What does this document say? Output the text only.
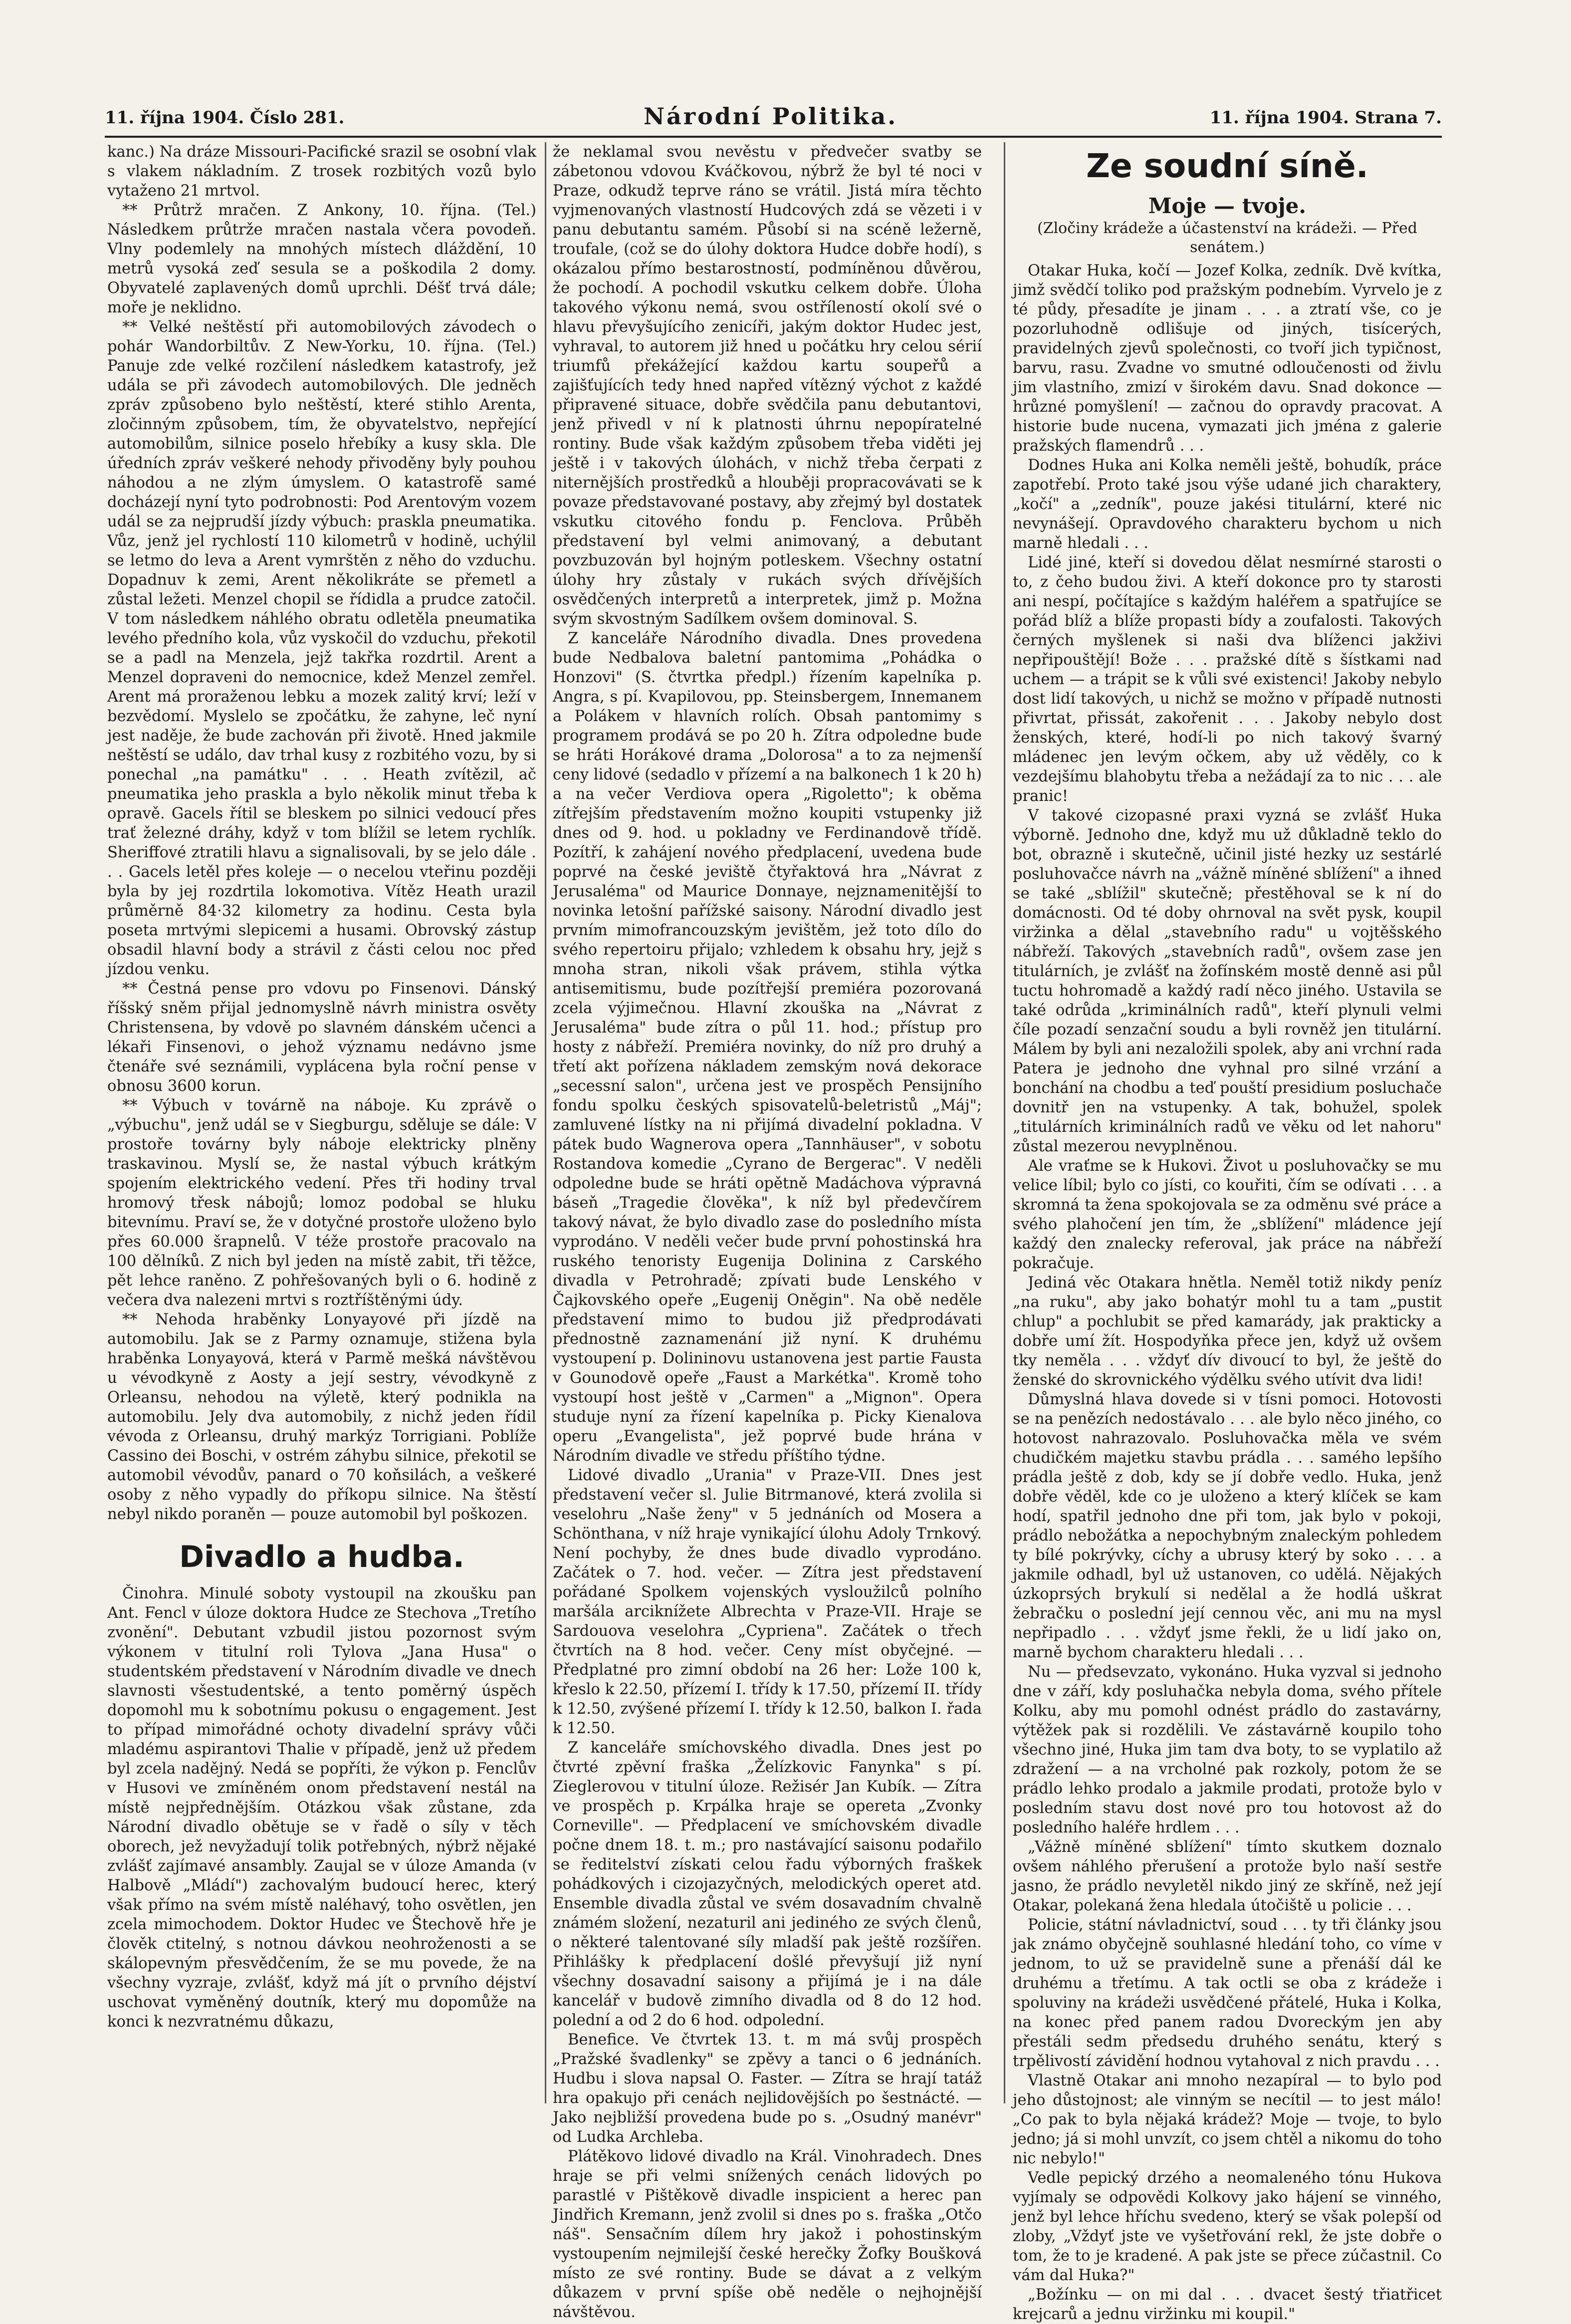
11. října 1904. Číslo 281.	Národní Politika.	11. října 1904. Strana 7.

kanc.) Na dráze Missouri-Pacifické srazil se osobní vlak s vlakem nákladním. Z trosek rozbitých vozů bylo vytaženo 21 mrtvol.

** Průtrž mračen. Z Ankony, 10. října. (Tel.) Následkem průtrže mračen nastala včera povodeň. Vlny podemlely na mnohých místech dláždění, 10 metrů vysoká zeď sesula se a poškodila 2 domy. Obyvatelé zaplavených domů uprchli. Déšť trvá dále; moře je neklidno.

** Velké neštěstí při automobilových závodech o pohár Wandorbiltův. Z New-Yorku, 10. října. (Tel.) Panuje zde velké rozčilení následkem katastrofy, jež udála se při závodech automobilových. Dle jedněch zpráv způsobeno bylo neštěstí, které stihlo Arenta, zločinným způsobem, tím, že obyvatelstvo, nepřející automobilům, silnice poselo hřebíky a kusy skla. Dle úředních zpráv veškeré nehody přivoděny byly pouhou náhodou a ne zlým úmyslem. O katastrofě samé docházejí nyní tyto podrobnosti: Pod Arentovým vozem udál se za nejprudší jízdy výbuch: praskla pneumatika. Vůz, jenž jel rychlostí 110 kilometrů v hodině, uchýlil se letmo do leva a Arent vymrštěn z něho do vzduchu. Dopadnuv k zemi, Arent několikráte se přemetl a zůstal ležeti. Menzel chopil se řídidla a prudce zatočil. V tom následkem náhlého obratu odletěla pneumatika levého předního kola, vůz vyskočil do vzduchu, překotil se a padl na Menzela, jejž takřka rozdrtil. Arent a Menzel dopraveni do nemocnice, kdež Menzel zemřel. Arent má proraženou lebku a mozek zalitý krví; leží v bezvědomí. Myslelo se zpočátku, že zahyne, leč nyní jest naděje, že bude zachován při životě. Hned jakmile neštěstí se událo, dav trhal kusy z rozbitého vozu, by si ponechal „na památku" . . . Heath zvítězil, ač pneumatika jeho praskla a bylo několik minut třeba k opravě. Gacels řítil se bleskem po silnici vedoucí přes trať železné dráhy, když v tom blížil se letem rychlík. Sheriffové ztratili hlavu a signalisovali, by se jelo dále . . . Gacels letěl přes koleje — o necelou vteřinu později byla by jej rozdrtila lokomotiva. Vítěz Heath urazil průměrně 84·32 kilometry za hodinu. Cesta byla poseta mrtvými slepicemi a husami. Obrovský zástup obsadil hlavní body a strávil z části celou noc před jízdou venku.

** Čestná pense pro vdovu po Finsenovi. Dánský říšský sněm přijal jednomyslně návrh ministra osvěty Christensena, by vdově po slavném dánském učenci a lékaři Finsenovi, o jehož významu nedávno jsme čtenáře své seznámili, vyplácena byla roční pense v obnosu 3600 korun.

** Výbuch v továrně na náboje. Ku zprávě o „výbuchu", jenž udál se v Siegburgu, sděluje se dále: V prostoře továrny byly náboje elektricky plněny traskavinou. Myslí se, že nastal výbuch krátkým spojením elektrického vedení. Přes tři hodiny trval hromový třesk nábojů; lomoz podobal se hluku bitevnímu. Praví se, že v dotyčné prostoře uloženo bylo přes 60.000 šrapnelů. V téže prostoře pracovalo na 100 dělníků. Z nich byl jeden na místě zabit, tři těžce, pět lehce raněno. Z pohřešovaných byli o 6. hodině z večera dva nalezeni mrtvi s roztříštěnými údy.

** Nehoda hraběnky Lonyayové při jízdě na automobilu. Jak se z Parmy oznamuje, stižena byla hraběnka Lonyayová, která v Parmě mešká návštěvou u vévodkyně z Aosty a její sestry, vévodkyně z Orleansu, nehodou na výletě, který podnikla na automobilu. Jely dva automobily, z nichž jeden řídil vévoda z Orleansu, druhý markýz Torrigiani. Poblíže Cassino dei Boschi, v ostrém záhybu silnice, překotil se automobil vévodův, panard o 70 koňsilách, a veškeré osoby z něho vypadly do příkopu silnice. Na štěstí nebyl nikdo poraněn — pouze automobil byl poškozen.

Divadlo a hudba.

Činohra. Minulé soboty vystoupil na zkoušku pan Ant. Fencl v úloze doktora Hudce ze Stechova „Tretího zvonění". Debutant vzbudil jistou pozornost svým výkonem v titulní roli Tylova „Jana Husa" o studentském představení v Národním divadle ve dnech slavnosti všestudentské, a tento poměrný úspěch dopomohl mu k sobotnímu pokusu o engagement. Jest to případ mimořádné ochoty divadelní správy vůči mladému aspirantovi Thalie v případě, jenž už předem byl zcela nadějný. Nedá se popříti, že výkon p. Fenclův v Husovi ve zmíněném onom představení nestál na místě nejpřednějším. Otázkou však zůstane, zda Národní divadlo obětuje se v řadě o síly v těch oborech, jež nevyžadují tolik potřebných, nýbrž nějaké zvlášť zajímavé ansambly. Zaujal se v úloze Amanda (v Halbově „Mládí") zachovalým budoucí herec, který však přímo na svém místě naléhavý, toho osvětlen, jen zcela mimochodem. Doktor Hudec ve Štechově hře je člověk ctitelný, s notnou dávkou neohroženosti a se skálopevným přesvědčením, že se mu povede, že na všechny vyzraje, zvlášť, když má jít o prvního déjství uschovat vyměněný doutník, který mu dopomůže na konci k nezvratnému důkazu,

že neklamal svou nevěstu v předvečer svatby se zábetonou vdovou Kváčkovou, nýbrž že byl té noci v Praze, odkudž teprve ráno se vrátil. Jistá míra těchto vyjmenovaných vlastností Hudcových zdá se vězeti i v panu debutantu samém. Působí si na scéně ležerně, troufale, (což se do úlohy doktora Hudce dobře hodí), s okázalou přímo bestarostností, podmíněnou důvěrou, že pochodí. A pochodil vskutku celkem dobře. Úloha takového výkonu nemá, svou ostříleností okolí své o hlavu převyšujícího zenicíři, jakým doktor Hudec jest, vyhraval, to autorem již hned u počátku hry celou sérií triumfů překážející každou kartu soupeřů a zajišťujících tedy hned napřed vítězný výchot z každé připravené situace, dobře svědčila panu debutantovi, jenž přivedl v ní k platnosti úhrnu nepopíratelné rontiny. Bude však každým způsobem třeba viděti jej ještě i v takových úlohách, v nichž třeba čerpati z niternějších prostředků a hlouběji propracovávati se k povaze představované postavy, aby zřejmý byl dostatek vskutku citového fondu p. Fenclova. Průběh představení byl velmi animovaný, a debutant povzbuzován byl hojným potleskem. Všechny ostatní úlohy hry zůstaly v rukách svých dřívějších osvědčených interpretů a interpretek, jimž p. Možna svým skvostným Sadílkem ovšem dominoval. S.

Z kanceláře Národního divadla. Dnes provedena bude Nedbalova baletní pantomima „Pohádka o Honzovi" (S. čtvrtka předpl.) řízením kapelníka p. Angra, s pí. Kvapilovou, pp. Steinsbergem, Innemanem a Polákem v hlavních rolích. Obsah pantomimy s programem prodává se po 20 h. Zítra odpoledne bude se hráti Horákové drama „Dolorosa" a to za nejmenší ceny lidové (sedadlo v přízemí a na balkonech 1 k 20 h) a na večer Verdiova opera „Rigoletto"; k oběma zítřejším představením možno koupiti vstupenky již dnes od 9. hod. u pokladny ve Ferdinandově třídě. Pozítří, k zahájení nového předplacení, uvedena bude poprvé na české jeviště čtyřaktová hra „Návrat z Jerusaléma" od Maurice Donnaye, nejznamenitější to novinka letošní pařížské saisony. Národní divadlo jest prvním mimofrancouzským jevištěm, jež toto dílo do svého repertoiru přijalo; vzhledem k obsahu hry, jejž s mnoha stran, nikoli však právem, stihla výtka antisemitismu, bude pozítřejší premiéra pozorovaná zcela výjimečnou. Hlavní zkouška na „Návrat z Jerusaléma" bude zítra o půl 11. hod.; přístup pro hosty z nábřeží. Premiéra novinky, do níž pro druhý a třetí akt pořízena nákladem zemským nová dekorace „secessní salon", určena jest ve prospěch Pensijního fondu spolku českých spisovatelů-beletristů „Máj"; zamluvené lístky na ni přijímá divadelní pokladna. V pátek budo Wagnerova opera „Tannhäuser", v sobotu Rostandova komedie „Cyrano de Bergerac". V neděli odpoledne bude se hráti opětně Madáchova výpravná báseň „Tragedie člověka", k níž byl předevčírem takový návat, že bylo divadlo zase do posledního místa vyprodáno. V neděli večer bude první pohostinská hra ruského tenoristy Eugenija Dolinina z Carského divadla v Petrohradě; zpívati bude Lenského v Čajkovského opeře „Eugenij Oněgin". Na obě neděle představení mimo to budou již předprodávati přednostně zaznamenání již nyní. K druhému vystoupení p. Dolininovu ustanovena jest partie Fausta v Gounodově opeře „Faust a Markétka". Kromě toho vystoupí host ještě v „Carmen" a „Mignon". Opera studuje nyní za řízení kapelníka p. Picky Kienalova operu „Evangelista", jež poprvé bude hrána v Národním divadle ve středu příštího týdne.

Lidové divadlo „Urania" v Praze-VII. Dnes jest představení večer sl. Julie Bitrmanové, která zvolila si veselohru „Naše ženy" v 5 jednáních od Mosera a Schönthana, v níž hraje vynikající úlohu Adoly Trnkový. Není pochyby, že dnes bude divadlo vyprodáno. Začátek o 7. hod. večer. — Zítra jest představení pořádané Spolkem vojenských vysloužilců polního maršála arciknížete Albrechta v Praze-VII. Hraje se Sardouova veselohra „Cypriena". Začátek o třech čtvrtích na 8 hod. večer. Ceny míst obyčejné. — Předplatné pro zimní období na 26 her: Lože 100 k, křeslo k 22.50, přízemí I. třídy k 17.50, přízemí II. třídy k 12.50, zvýšené přízemí I. třídy k 12.50, balkon I. řada k 12.50.

Z kanceláře smíchovského divadla. Dnes jest po čtvrté zpěvní fraška „Želízkovic Fanynka" s pí. Zieglerovou v titulní úloze. Režisér Jan Kubík. — Zítra ve prospěch p. Krpálka hraje se opereta „Zvonky Corneville". — Předplacení ve smíchovském divadle počne dnem 18. t. m.; pro nastávající saisonu podařilo se ředitelství získati celou řadu výborných fraškek pohádkových i cizojazyčných, melodických operet atd. Ensemble divadla zůstal ve svém dosavadním chvalně známém složení, nezaturil ani jediného ze svých členů, o některé talentované síly mladší pak ještě rozšířen. Přihlášky k předplacení došlé převyšují již nyní všechny dosavadní saisony a přijímá je i na dále kancelář v budově zimního divadla od 8 do 12 hod. polední a od 2 do 6 hod. odpolední.

Benefice. Ve čtvrtek 13. t. m má svůj prospěch „Pražské švadlenky" se zpěvy a tanci o 6 jednáních. Hudbu i slova napsal O. Faster. — Zítra se hrají tatáž hra opakujo při cenách nejlidovějších po šestnácté. — Jako nejbližší provedena bude po s. „Osudný manévr" od Ludka Archleba.

Plátěkovo lidové divadlo na Král. Vinohradech. Dnes hraje se při velmi snížených cenách lidových po parastlé v Pištěkově divadle inspicient a herec pan Jindřich Kremann, jenž zvolil si dnes po s. fraška „Otčo náš". Sensačním dílem hry jakož i pohostinským vystoupením nejmilejší české herečky Žofky Boušková místo ze své rontiny. Bude se dávat a z velkým důkazem v první spíše obě neděle o nejhojnější návštěvou.

Ze soudní síně.
Moje — tvoje.
(Zločiny krádeže a účastenství na krádeži. — Před senátem.)

Otakar Huka, kočí — Jozef Kolka, zedník. Dvě kvítka, jimž svědčí toliko pod pražským podnebím. Vyrvelo je z té půdy, přesadíte je jinam . . . a ztratí vše, co je pozorluhodně odlišuje od jiných, tisícerých, pravidelných zjevů společnosti, co tvoří jich typičnost, barvu, rasu. Zvadne vo smutné odloučenosti od živlu jim vlastního, zmizí v širokém davu. Snad dokonce — hrůzné pomyšlení! — začnou do opravdy pracovat. A historie bude nucena, vymazati jich jména z galerie pražských flamendrů . . .

Dodnes Huka ani Kolka neměli ještě, bohudík, práce zapotřebí. Proto také jsou výše udané jich charaktery, „kočí" a „zedník", pouze jakési titulární, které nic nevynášejí. Opravdového charakteru bychom u nich marně hledali . . .

Lidé jiné, kteří si dovedou dělat nesmírné starosti o to, z čeho budou živi. A kteří dokonce pro ty starosti ani nespí, počítajíce s každým haléřem a spatřujíce se pořád blíž a blíže propasti bídy a zoufalosti. Takových černých myšlenek si naši dva blíženci jakživi nepřipouštějí! Bože . . . pražské dítě s šístkami nad uchem — a trápit se k vůli své existenci! Jakoby nebylo dost lidí takových, u nichž se možno v případě nutnosti přivrtat, přissát, zakořenit . . . Jakoby nebylo dost ženských, které, hodí-li po nich takový švarný mládenec jen levým očkem, aby už věděly, co k vezdejšímu blahobytu třeba a nežádají za to nic . . . ale pranic!

V takové cizopasné praxi vyzná se zvlášť Huka výborně. Jednoho dne, když mu už důkladně teklo do bot, obrazně i skutečně, učinil jisté hezky uz sestárlé posluhovačce návrh na „vážně míněné sblížení" a ihned se také „sblížil" skutečně; přestěhoval se k ní do domácnosti. Od té doby ohrnoval na svět pysk, koupil viržinka a dělal „stavebního radu" u vojtěšského nábřeží. Takových „stavebních radů", ovšem zase jen titulárních, je zvlášť na žofínském mostě denně asi půl tuctu hohromadě a každý radí něco jiného. Ustavila se také odrůda „kriminálních radů", kteří plynuli velmi číle pozadí senzační soudu a byli rovněž jen titulární. Málem by byli ani nezaložili spolek, aby ani vrchní rada Patera je jednoho dne vyhnal pro silné vrzání a bonchání na chodbu a teď pouští presidium posluchače dovnitř jen na vstupenky. A tak, bohužel, spolek „titulárních kriminálních radů ve věku od let nahoru" zůstal mezerou nevyplněnou.

Ale vraťme se k Hukovi. Život u posluhovačky se mu velice líbil; bylo co jísti, co kouřiti, čím se odívati . . . a skromná ta žena spokojovala se za odměnu své práce a svého plahočení jen tím, že „sblížení" mládence její každý den znalecky referoval, jak práce na nábřeží pokračuje.

Jediná věc Otakara hnětla. Neměl totiž nikdy peníz „na ruku", aby jako bohatýr mohl tu a tam „pustit chlup" a pochlubit se před kamarády, jak prakticky a dobře umí žít. Hospodyňka přece jen, když už ovšem tky neměla . . . vždyť dív divoucí to byl, že ještě do ženské do skrovnického výdělku svého utívit dva lidi!

Důmyslná hlava dovede si v tísni pomoci. Hotovosti se na penězích nedostávalo . . . ale bylo něco jiného, co hotovost nahrazovalo. Posluhovačka měla ve svém chudičkém majetku stavbu prádla . . . samého lepšího prádla ještě z dob, kdy se jí dobře vedlo. Huka, jenž dobře věděl, kde co je uloženo a který klíček se kam hodí, spatřil jednoho dne při tom, jak bylo v pokoji, prádlo nebožátka a nepochybným znaleckým pohledem ty bílé pokrývky, cíchy a ubrusy který by soko . . . a jakmile odhadl, byl už ustanoven, co udělá. Nějakých úzkoprsých brykulí si nedělal a že hodlá uškrat žebračku o poslední její cennou věc, ani mu na mysl nepřipadlo . . . vždyť jsme řekli, že u lidí jako on, marně bychom charakteru hledali . . .

Nu — předsevzato, vykonáno. Huka vyzval si jednoho dne v září, kdy posluhačka nebyla doma, svého přítele Kolku, aby mu pomohl odnést prádlo do zastavárny, výtěžek pak si rozdělili. Ve zástavárně koupilo toho všechno jiné, Huka jim tam dva boty, to se vyplatilo až zdražení — a na vrcholné pak rozkoly, potom že se prádlo lehko prodalo a jakmile prodati, protože bylo v posledním stavu dost nové pro tou hotovost až do posledního haléře hrdlem . . .

„Vážně míněné sblížení" tímto skutkem doznalo ovšem náhlého přerušení a protože bylo naší sestře jasno, že prádlo nevyletěl nikdo jiný ze skříně, než její Otakar, polekaná žena hledala útočiště u policie . . .

Policie, státní návladnictví, soud . . . ty tři články jsou jak známo obyčejně souhlasné hledání toho, co víme v jednom, to už se pravidelně sune a přenáší dál ke druhému a třetímu. A tak octli se oba z krádeže i spoluviny na krádeži usvědčené přátelé, Huka i Kolka, na konec před panem radou Dvoreckým jen aby přestáli sedm předsedu druhého senátu, který s trpělivostí závidění hodnou vytahoval z nich pravdu . . .

Vlastně Otakar ani mnoho nezapíral — to bylo pod jeho důstojnost; ale vinným se necítil — to jest málo! „Co pak to byla nějaká krádež? Moje — tvoje, to bylo jedno; já si mohl unvzít, co jsem chtěl a nikomu do toho nic nebylo!"

Vedle pepický drzého a neomaleného tónu Hukova vyjímaly se odpovědi Kolkovy jako hájení se vinného, jenž byl lehce hříchu svedeno, který se však polepší od zloby, „Vždyť jste ve vyšetřování rekl, že jste dobře o tom, že to je kradené. A pak jste se přece zúčastnil. Co vám dal Huka?"

„Božínku — on mi dal . . . dvacet šestý třiatřicet krejcarů a jednu viržinku mi koupil."
